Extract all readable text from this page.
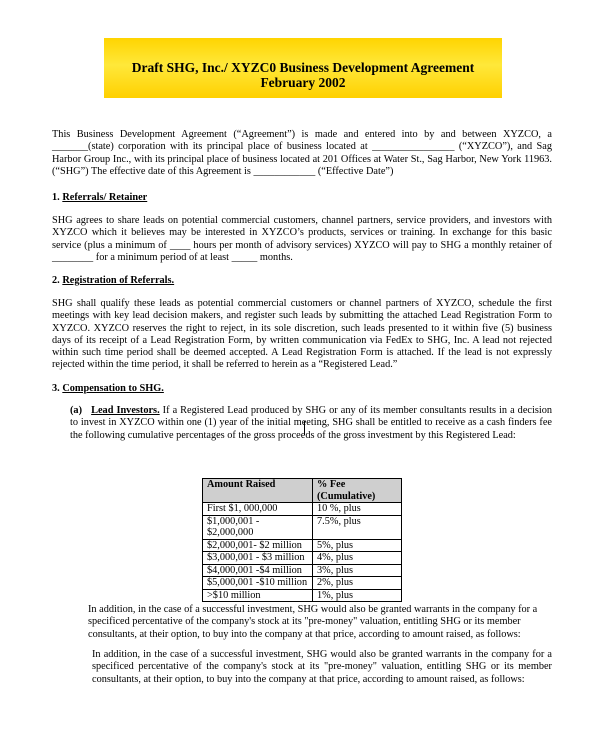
Draft SHG, Inc./ XYZC0 Business Development Agreement
February 2002
This Business Development Agreement (“Agreement”) is made and entered into by and between XYZCO, a _______(state) corporation with its principal place of business located at ________________ (“XYZCO”), and Sag Harbor Group Inc., with its principal place of business located at 201 Offices at Water St., Sag Harbor, New York 11963. (“SHG”) The effective date of this Agreement is ____________ (“Effective Date”)
1. Referrals/ Retainer
SHG agrees to share leads on potential commercial customers, channel partners, service providers, and investors with XYZCO which it believes may be interested in XYZCO’s products, services or training. In exchange for this basic service (plus a minimum of ____ hours per month of advisory services) XYZCO will pay to SHG a monthly retainer of ________ for a minimum period of at least _____ months.
2. Registration of Referrals.
SHG shall qualify these leads as potential commercial customers or channel partners of XYZCO, schedule the first meetings with key lead decision makers, and register such leads by submitting the attached Lead Registration Form to XYZCO. XYZCO reserves the right to reject, in its sole discretion, such leads presented to it within five (5) business days of its receipt of a Lead Registration Form, by written communication via FedEx to SHG, Inc. A lead not rejected within such time period shall be deemed accepted. A Lead Registration Form is attached. If the lead is not expressly rejected within the time period, it shall be referred to herein as a “Registered Lead.”
3. Compensation to SHG.
(a) Lead Investors. If a Registered Lead produced by SHG or any of its member consultants results in a decision to invest in XYZCO within one (1) year of the initial meeting, SHG shall be entitled to receive as a cash finders fee the following cumulative percentages of the gross proceeds of the gross investment by this Registered Lead:
Amount Raised	% Fee
(Cumulative)
First $1, 000,000	10 %, plus
$1,000,001 - $2,000,000	7.5%, plus
$2,000,001- $2 million	5%, plus
$3,000,001 - $3 million	4%, plus
$4,000,001 -$4 million	3%, plus
$5,000,001 -$10 million	2%, plus
>$10 million	1%, plus
In addition, in the case of a successful investment, SHG would also be granted warrants in the company for a specificed percentative of the company's stock at its "pre-money" valuation, entitling SHG or its member consultants, at their option, to buy into the company at that price, according to amount raised, as follows:
In addition, in the case of a successful investment, SHG would also be granted warrants in the company for a specificed percentative of the company's stock at its "pre-money" valuation, entitling SHG or its member consultants, at their option, to buy into the company at that price, according to amount raised, as follows:
